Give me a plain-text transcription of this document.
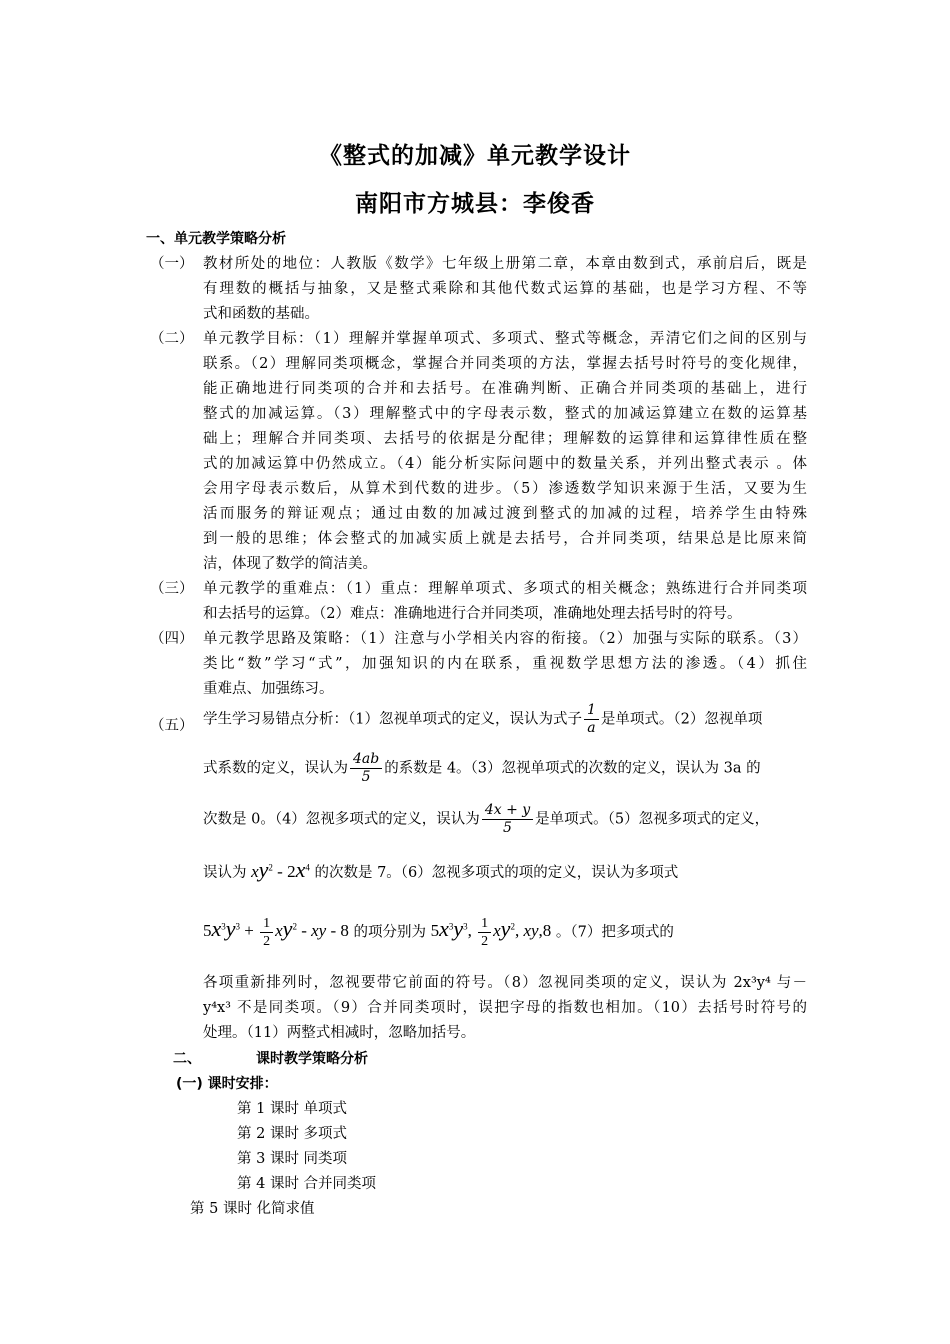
《整式的加减》单元教学设计
南阳市方城县：李俊香
一、单元教学策略分析
（一） 教材所处的地位：人教版《数学》七年级上册第二章，本章由数到式，承前启后，既是
有理数的概括与抽象，又是整式乘除和其他代数式运算的基础，也是学习方程、不等
式和函数的基础。
（二） 单元教学目标：（1）理解并掌握单项式、多项式、整式等概念，弄清它们之间的区别与
联系。（2）理解同类项概念，掌握合并同类项的方法，掌握去括号时符号的变化规律，
能正确地进行同类项的合并和去括号。在准确判断、正确合并同类项的基础上，进行
整式的加减运算。（3）理解整式中的字母表示数，整式的加减运算建立在数的运算基
础上；理解合并同类项、去括号的依据是分配律；理解数的运算律和运算律性质在整
式的加减运算中仍然成立。（4）能分析实际问题中的数量关系，并列出整式表示 。体
会用字母表示数后，从算术到代数的进步。（5）渗透数学知识来源于生活，又要为生
活而服务的辩证观点；通过由数的加减过渡到整式的加减的过程，培养学生由特殊
到一般的思维；体会整式的加减实质上就是去括号，合并同类项，结果总是比原来简
洁，体现了数学的简洁美。
（三） 单元教学的重难点：（1）重点：理解单项式、多项式的相关概念；熟练进行合并同类项
和去括号的运算。（2）难点：准确地进行合并同类项，准确地处理去括号时的符号。
（四） 单元教学思路及策略：（1）注意与小学相关内容的衔接。（2）加强与实际的联系。（3）
类比“数”学习“式”，加强知识的内在联系，重视数学思想方法的渗透。（4）抓住
重难点、加强练习。
（五） 学生学习易错点分析：（1）忽视单项式的定义，误认为式子 $\frac{1}{a}$ 是单项式。（2）忽视单项
式系数的定义，误认为 $\frac{4ab}{5}$ 的系数是 4。（3）忽视单项式的次数的定义，误认为 3a 的
次数是 0。（4）忽视多项式的定义，误认为 $\frac{4x + y}{5}$ 是单项式。（5）忽视多项式的定义，
误认为 $xy^2 - 2x^4$ 的次数是 7。（6）忽视多项式的项的定义，误认为多项式
$5x^3y^3 + \frac{1}{2} xy^2$ - xy - 8 的项分别为 $5x^3y^3$, $\frac{1}{2} xy^2$, xy,8 。（7）把多项式的
各项重新排列时，忽视要带它前面的符号。（8）忽视同类项的定义，误认为 2x³y⁴ 与－
y⁴x³ 不是同类项。（9）合并同类项时，误把字母的指数也相加。（10）去括号时符号的
处理。（11）两整式相减时，忽略加括号。
二、	课时教学策略分析
(一) 课时安排：
第 1 课时 单项式
第 2 课时 多项式
第 3 课时 同类项
第 4 课时 合并同类项
第 5 课时 化简求值
